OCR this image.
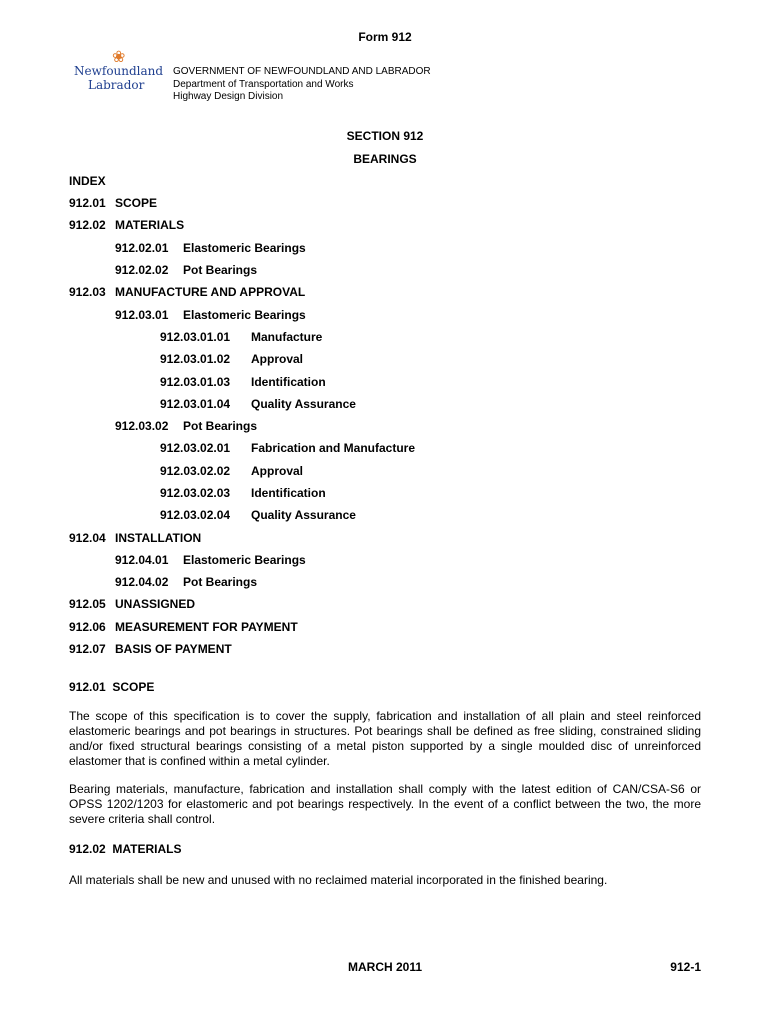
Form 912
❀
Newfoundland
Labrador
GOVERNMENT OF NEWFOUNDLAND AND LABRADOR
Department of Transportation and Works
Highway Design Division
SECTION 912
BEARINGS
INDEX
912.01 SCOPE
912.02 MATERIALS
912.02.01 Elastomeric Bearings
912.02.02 Pot Bearings
912.03 MANUFACTURE AND APPROVAL
912.03.01 Elastomeric Bearings
912.03.01.01 Manufacture
912.03.01.02 Approval
912.03.01.03 Identification
912.03.01.04 Quality Assurance
912.03.02 Pot Bearings
912.03.02.01 Fabrication and Manufacture
912.03.02.02 Approval
912.03.02.03 Identification
912.03.02.04 Quality Assurance
912.04 INSTALLATION
912.04.01 Elastomeric Bearings
912.04.02 Pot Bearings
912.05 UNASSIGNED
912.06 MEASUREMENT FOR PAYMENT
912.07 BASIS OF PAYMENT
912.01  SCOPE
The scope of this specification is to cover the supply, fabrication and installation of all plain and steel reinforced elastomeric bearings and pot bearings in structures. Pot bearings shall be defined as free sliding, constrained sliding and/or fixed structural bearings consisting of a metal piston supported by a single moulded disc of unreinforced elastomer that is confined within a metal cylinder.
Bearing materials, manufacture, fabrication and installation shall comply with the latest edition of CAN/CSA-S6 or OPSS 1202/1203 for elastomeric and pot bearings respectively. In the event of a conflict between the two, the more severe criteria shall control.
912.02  MATERIALS
All materials shall be new and unused with no reclaimed material incorporated in the finished bearing.
MARCH 2011	912-1
